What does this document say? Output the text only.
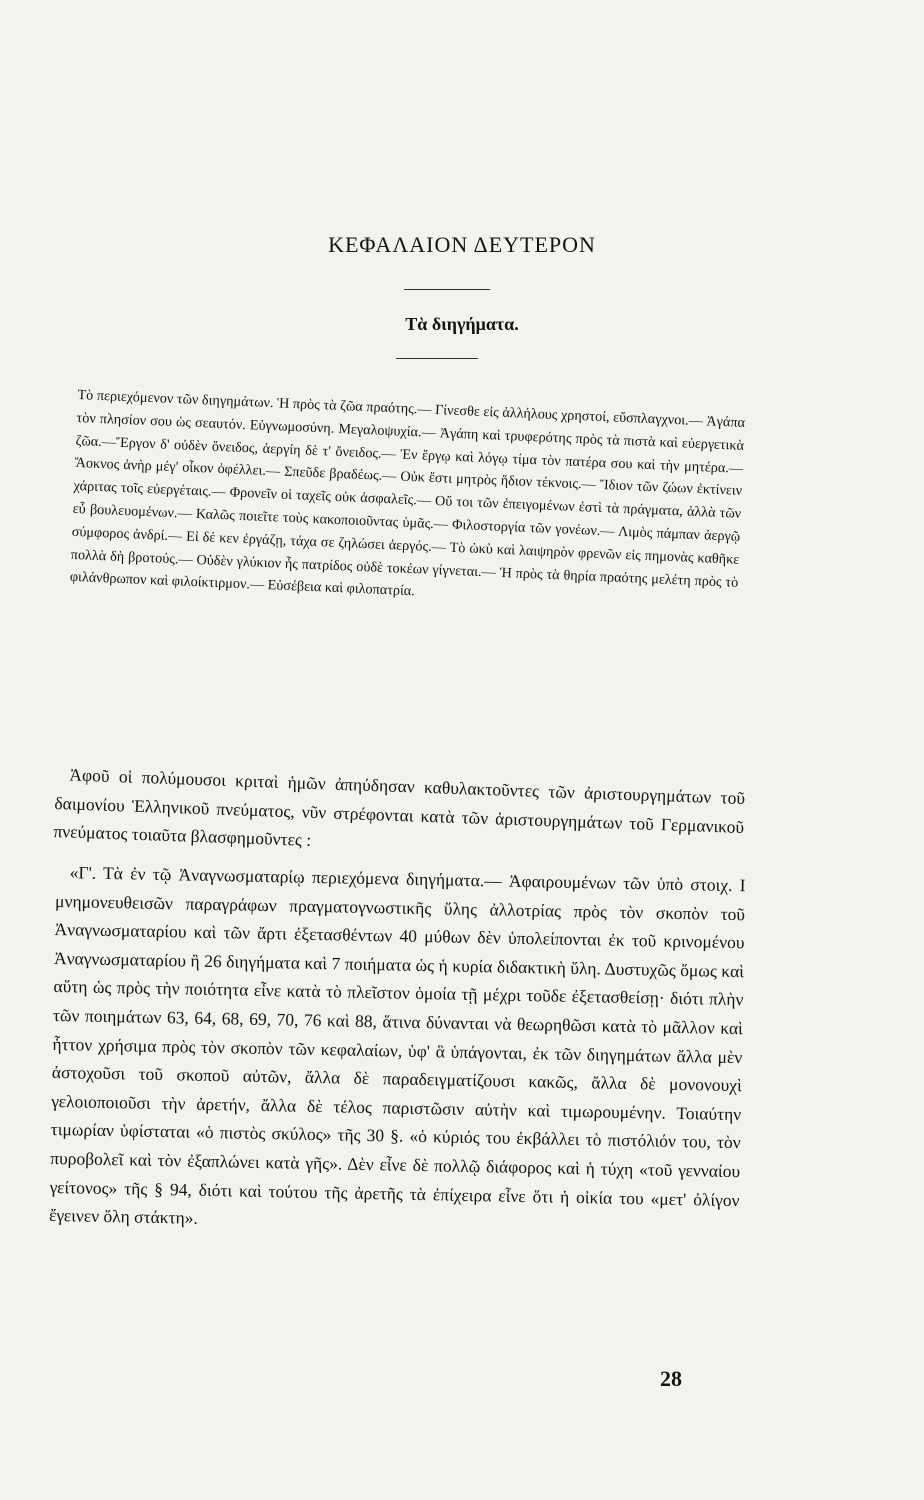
ΚΕΦΑΛΑΙΟΝ ΔΕΥΤΕΡΟΝ
Τὰ διηγήματα.
Τὸ περιεχόμενον τῶν διηγημάτων. Ἡ πρὸς τὰ ζῶα πραότης.— Γίνεσθε εἰς ἀλλήλους χρηστοί, εὔσπλαγχνοι.— Ἀγάπα τὸν πλησίον σου ὡς σεαυτόν. Εὐγνωμοσύνη. Μεγαλοψυχία.— Ἀγάπη καὶ τρυφερότης πρὸς τὰ πιστὰ καὶ εὐεργετικὰ ζῶα.—Ἔργον δ' οὐδὲν ὄνειδος, ἀεργίη δὲ τ' ὄνειδος.— Ἐν ἔργῳ καὶ λόγῳ τίμα τὸν πατέρα σου καὶ τὴν μητέρα.— Ἄοκνος ἀνὴρ μέγ' οἶκον ὀφέλλει.— Σπεῦδε βραδέως.— Οὐκ ἔστι μητρὸς ἥδιον τέκνοις.— Ἴδιον τῶν ζώων ἐκτίνειν χάριτας τοῖς εὐεργέταις.— Φρονεῖν οἱ ταχεῖς οὐκ ἀσφαλεῖς.— Οὔ τοι τῶν ἐπειγομένων ἐστὶ τὰ πράγματα, ἀλλὰ τῶν εὖ βουλευομένων.— Καλῶς ποιεῖτε τοὺς κακοποιοῦντας ὑμᾶς.— Φιλοστοργία τῶν γονέων.— Λιμὸς πάμπαν ἀεργῷ σύμφορος ἀνδρί.— Εἰ δέ κεν ἐργάζῃ, τάχα σε ζηλώσει ἀεργός.— Τὸ ὠκὺ καὶ λαιψηρὸν φρενῶν εἰς πημονὰς καθῆκε πολλὰ δὴ βροτούς.— Οὐδὲν γλύκιον ἧς πατρίδος οὐδὲ τοκέων γίγνεται.— Ἡ πρὸς τὰ θηρία πραότης μελέτη πρὸς τὸ φιλάνθρωπον καὶ φιλοίκτιρμον.— Εὐσέβεια καὶ φιλοπατρία.

Ἀφοῦ οἱ πολύμουσοι κριταὶ ἡμῶν ἀπηύδησαν καθυλακτοῦντες τῶν ἀριστουργημάτων τοῦ δαιμονίου Ἑλληνικοῦ πνεύματος, νῦν στρέφονται κατὰ τῶν ἀριστουργημάτων τοῦ Γερμανικοῦ πνεύματος τοιαῦτα βλασφημοῦντες :

«Γ'. Τὰ ἐν τῷ Ἀναγνωσματαρίῳ περιεχόμενα διηγήματα.— Ἀφαιρουμένων τῶν ὑπὸ στοιχ. I μνημονευθεισῶν παραγράφων πραγματογνωστικῆς ὕλης ἀλλοτρίας πρὸς τὸν σκοπὸν τοῦ Ἀναγνωσματαρίου καὶ τῶν ἄρτι ἐξετασθέντων 40 μύθων δὲν ὑπολείπονται ἐκ τοῦ κρινομένου Ἀναγνωσματαρίου ἢ 26 διηγήματα καὶ 7 ποιήματα ὡς ἡ κυρία διδακτικὴ ὕλη. Δυστυχῶς ὅμως καὶ αὕτη ὡς πρὸς τὴν ποιότητα εἶνε κατὰ τὸ πλεῖστον ὁμοία τῇ μέχρι τοῦδε ἐξετασθείσῃ· διότι πλὴν τῶν ποιημάτων 63, 64, 68, 69, 70, 76 καὶ 88, ἅτινα δύνανται νὰ θεωρηθῶσι κατὰ τὸ μᾶλλον καὶ ἧττον χρήσιμα πρὸς τὸν σκοπὸν τῶν κεφαλαίων, ὑφ' ἃ ὑπάγονται, ἐκ τῶν διηγημάτων ἄλλα μὲν ἀστοχοῦσι τοῦ σκοποῦ αὐτῶν, ἄλλα δὲ παραδειγματίζουσι κακῶς, ἄλλα δὲ μονονουχὶ γελοιοποιοῦσι τὴν ἀρετήν, ἄλλα δὲ τέλος παριστῶσιν αὐτὴν καὶ τιμωρουμένην. Τοιαύτην τιμωρίαν ὑφίσταται «ὁ πιστὸς σκύλος» τῆς 30 §. «ὁ κύριός του ἐκβάλλει τὸ πιστόλιόν του, τὸν πυροβολεῖ καὶ τὸν ἐξαπλώνει κατὰ γῆς». Δὲν εἶνε δὲ πολλῷ διάφορος καὶ ἡ τύχη «τοῦ γενναίου γείτονος» τῆς § 94, διότι καὶ τούτου τῆς ἀρετῆς τὰ ἐπίχειρα εἶνε ὅτι ἡ οἰκία του «μετ' ὀλίγον ἔγεινεν ὅλη στάκτη».

28
